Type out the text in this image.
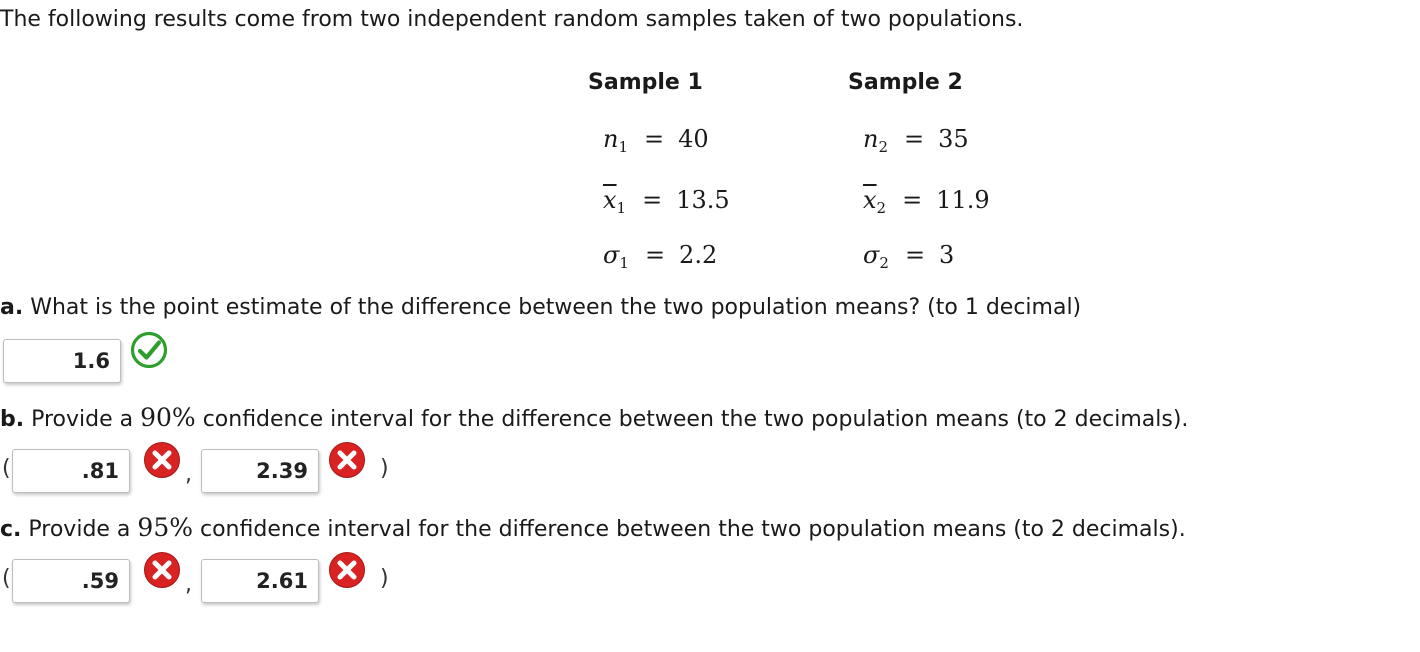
The following results come from two independent random samples taken of two populations.
Sample 1	Sample 2
$n_1 = 40$	$n_2 = 35$
$\overline{x}_1 = 13.5$	$\overline{x}_2 = 11.9$
$\sigma_1 = 2.2$	$\sigma_2 = 3$
a. What is the point estimate of the difference between the two population means? (to 1 decimal)
1.6
b. Provide a 90% confidence interval for the difference between the two population means (to 2 decimals).
(	.81	,	2.39	)
c. Provide a 95% confidence interval for the difference between the two population means (to 2 decimals).
(	.59	,	2.61	)
